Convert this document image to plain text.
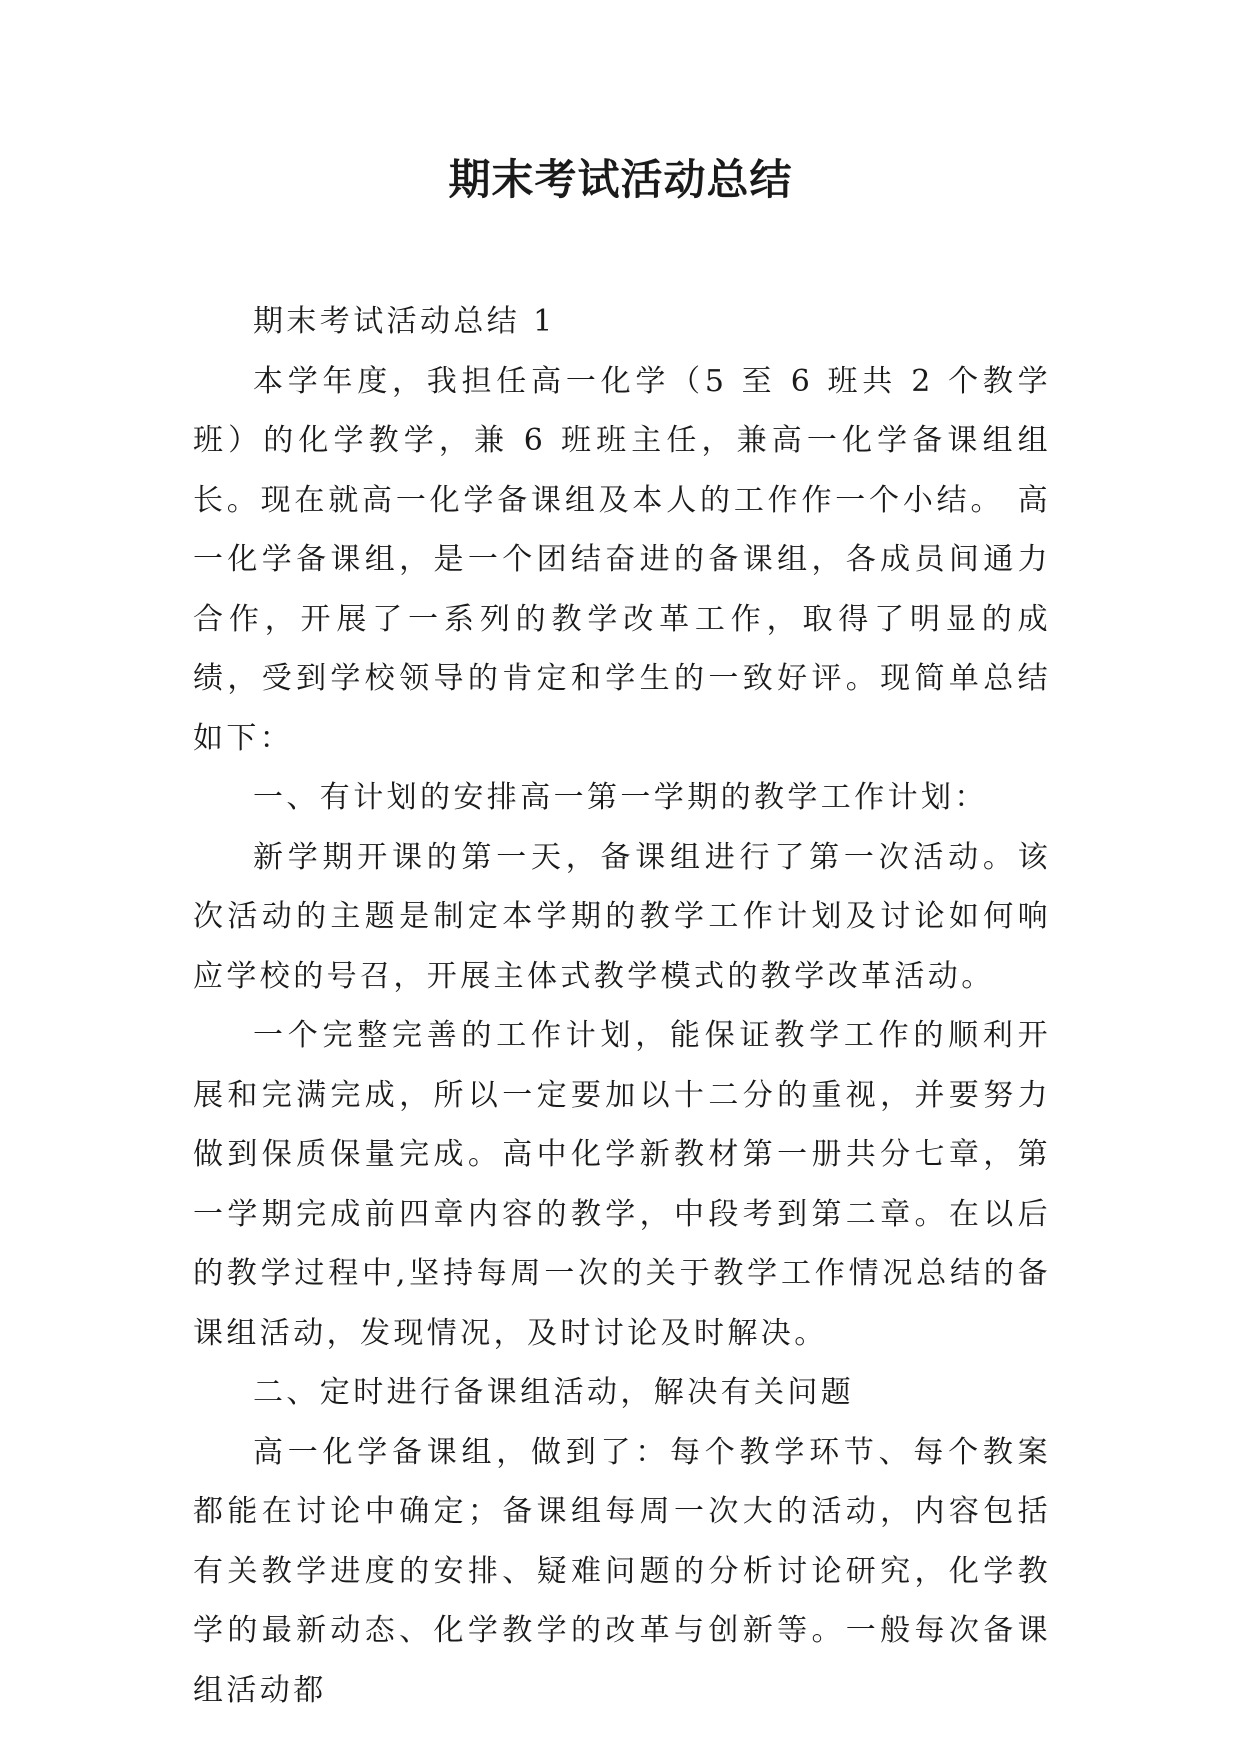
期末考试活动总结

期末考试活动总结 1

本学年度，我担任高一化学（5 至 6 班共 2 个教学班）的化学教学，兼 6 班班主任，兼高一化学备课组组长。现在就高一化学备课组及本人的工作作一个小结。 高一化学备课组，是一个团结奋进的备课组，各成员间通力合作，开展了一系列的教学改革工作，取得了明显的成绩，受到学校领导的肯定和学生的一致好评。现简单总结如下：

一、有计划的安排高一第一学期的教学工作计划：

新学期开课的第一天，备课组进行了第一次活动。该次活动的主题是制定本学期的教学工作计划及讨论如何响应学校的号召，开展主体式教学模式的教学改革活动。

一个完整完善的工作计划，能保证教学工作的顺利开展和完满完成，所以一定要加以十二分的重视，并要努力做到保质保量完成。高中化学新教材第一册共分七章，第一学期完成前四章内容的教学，中段考到第二章。在以后的教学过程中,坚持每周一次的关于教学工作情况总结的备课组活动，发现情况，及时讨论及时解决。

二、定时进行备课组活动，解决有关问题

高一化学备课组，做到了：每个教学环节、每个教案都能在讨论中确定；备课组每周一次大的活动，内容包括有关教学进度的安排、疑难问题的分析讨论研究，化学教学的最新动态、化学教学的改革与创新等。一般每次备课组活动都
